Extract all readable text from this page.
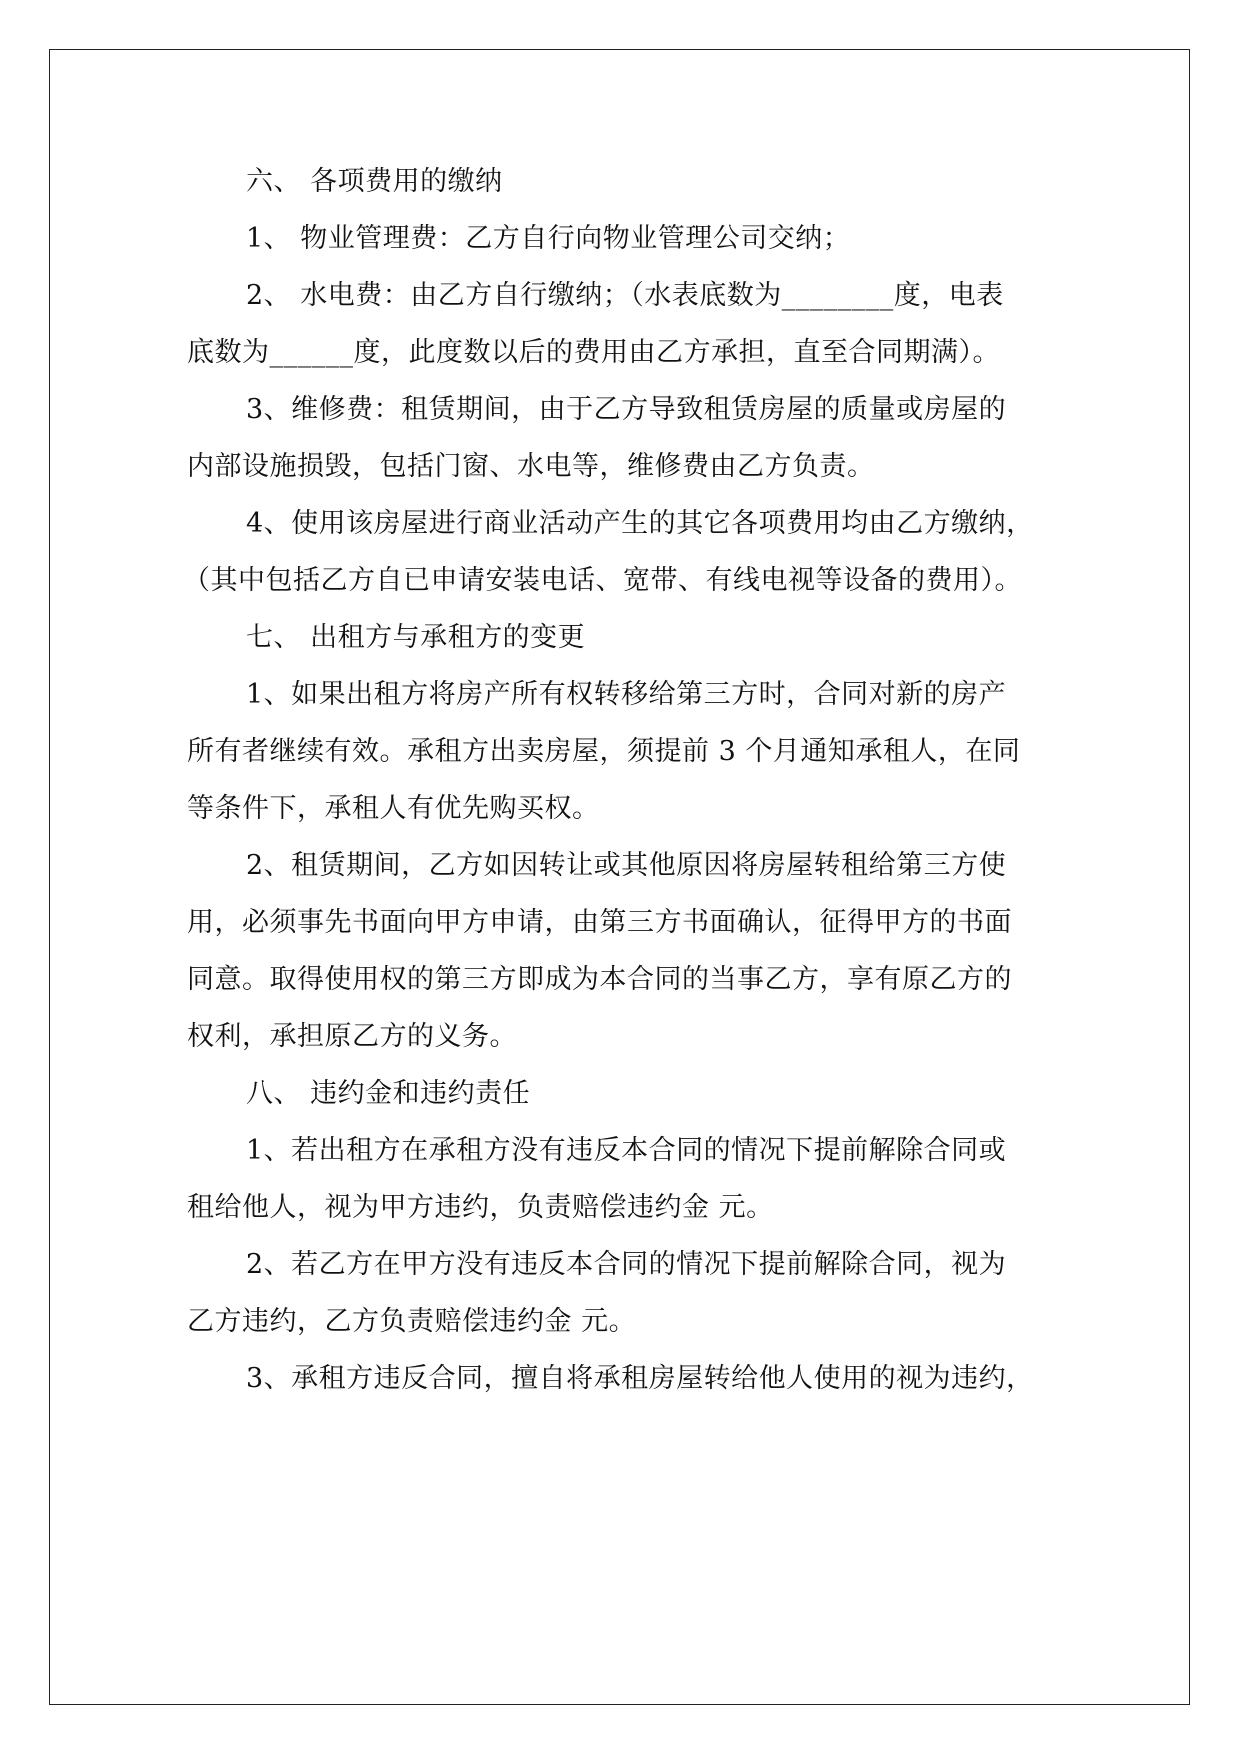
六、 各项费用的缴纳
1、 物业管理费：乙方自行向物业管理公司交纳；
2、 水电费：由乙方自行缴纳；（水表底数为________度，电表
底数为______度，此度数以后的费用由乙方承担，直至合同期满）。
3、维修费：租赁期间，由于乙方导致租赁房屋的质量或房屋的
内部设施损毁，包括门窗、水电等，维修费由乙方负责。
4、使用该房屋进行商业活动产生的其它各项费用均由乙方缴纳，
（其中包括乙方自已申请安装电话、宽带、有线电视等设备的费用）。
七、 出租方与承租方的变更
1、如果出租方将房产所有权转移给第三方时，合同对新的房产
所有者继续有效。承租方出卖房屋，须提前 3 个月通知承租人，在同
等条件下，承租人有优先购买权。
2、租赁期间，乙方如因转让或其他原因将房屋转租给第三方使
用，必须事先书面向甲方申请，由第三方书面确认，征得甲方的书面
同意。取得使用权的第三方即成为本合同的当事乙方，享有原乙方的
权利，承担原乙方的义务。
八、 违约金和违约责任
1、若出租方在承租方没有违反本合同的情况下提前解除合同或
租给他人，视为甲方违约，负责赔偿违约金 元。
2、若乙方在甲方没有违反本合同的情况下提前解除合同，视为
乙方违约，乙方负责赔偿违约金 元。
3、承租方违反合同，擅自将承租房屋转给他人使用的视为违约，
